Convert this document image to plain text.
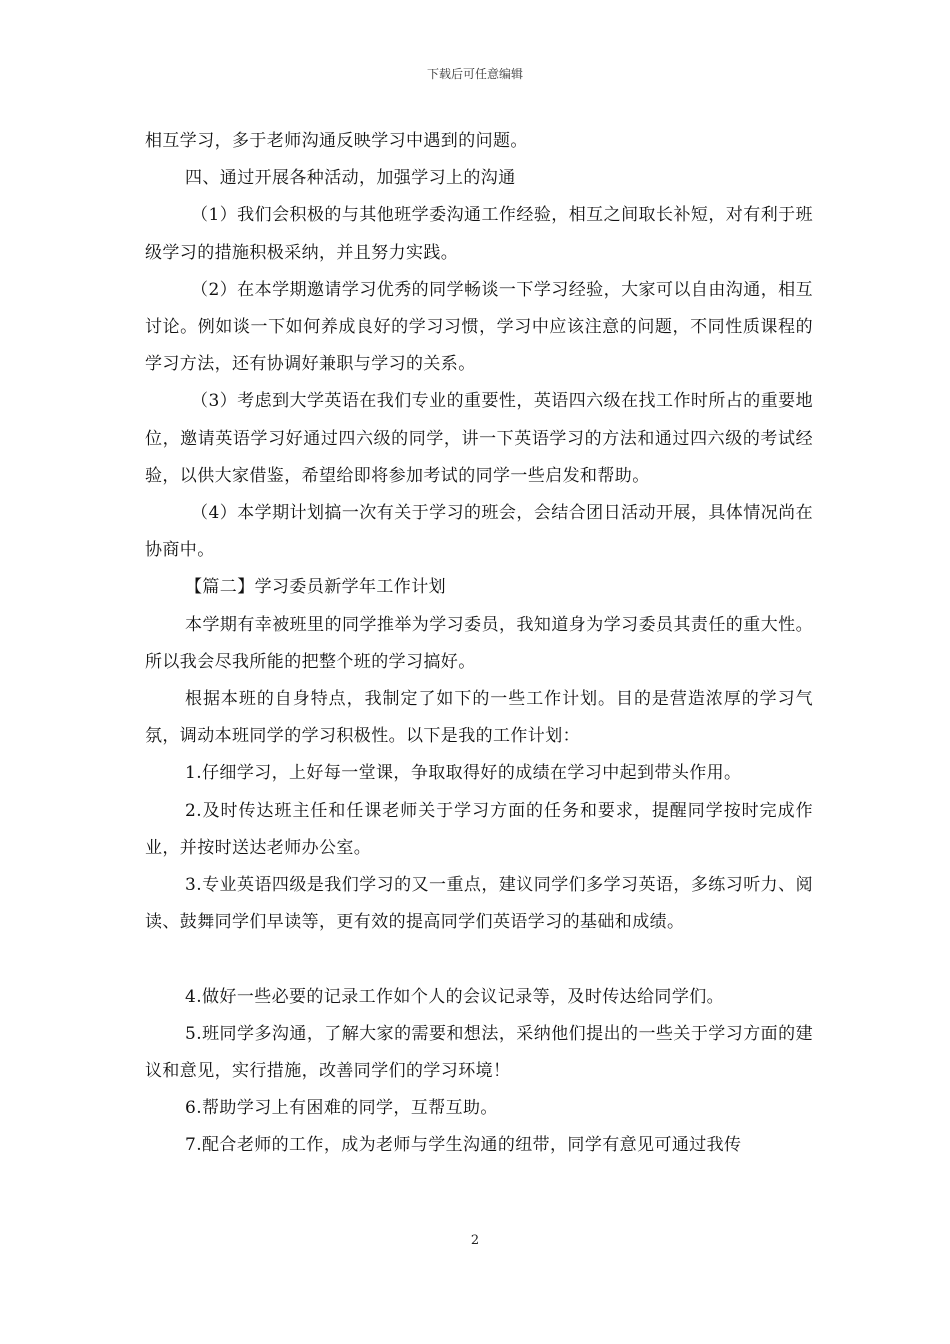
下载后可任意编辑

相互学习，多于老师沟通反映学习中遇到的问题。

四、通过开展各种活动，加强学习上的沟通

（1）我们会积极的与其他班学委沟通工作经验，相互之间取长补短，对有利于班级学习的措施积极采纳，并且努力实践。

（2）在本学期邀请学习优秀的同学畅谈一下学习经验，大家可以自由沟通，相互讨论。例如谈一下如何养成良好的学习习惯，学习中应该注意的问题，不同性质课程的学习方法，还有协调好兼职与学习的关系。

（3）考虑到大学英语在我们专业的重要性，英语四六级在找工作时所占的重要地位，邀请英语学习好通过四六级的同学，讲一下英语学习的方法和通过四六级的考试经验，以供大家借鉴，希望给即将参加考试的同学一些启发和帮助。

（4）本学期计划搞一次有关于学习的班会，会结合团日活动开展，具体情况尚在协商中。

【篇二】学习委员新学年工作计划

本学期有幸被班里的同学推举为学习委员，我知道身为学习委员其责任的重大性。所以我会尽我所能的把整个班的学习搞好。

根据本班的自身特点，我制定了如下的一些工作计划。目的是营造浓厚的学习气氛，调动本班同学的学习积极性。以下是我的工作计划：

1.仔细学习，上好每一堂课，争取取得好的成绩在学习中起到带头作用。

2.及时传达班主任和任课老师关于学习方面的任务和要求，提醒同学按时完成作业，并按时送达老师办公室。

3.专业英语四级是我们学习的又一重点，建议同学们多学习英语，多练习听力、阅读、鼓舞同学们早读等，更有效的提高同学们英语学习的基础和成绩。

4.做好一些必要的记录工作如个人的会议记录等，及时传达给同学们。

5.班同学多沟通，了解大家的需要和想法，采纳他们提出的一些关于学习方面的建议和意见，实行措施，改善同学们的学习环境！

6.帮助学习上有困难的同学，互帮互助。

7.配合老师的工作，成为老师与学生沟通的纽带，同学有意见可通过我传

2
